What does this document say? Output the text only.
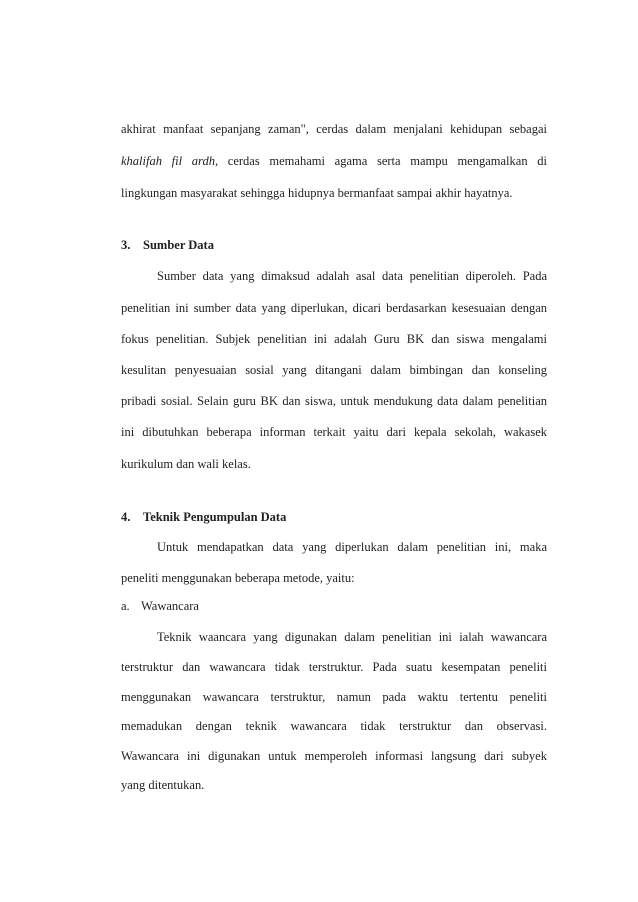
akhirat manfaat sepanjang zaman", cerdas dalam menjalani kehidupan sebagai
khalifah fil ardh, cerdas memahami agama serta mampu mengamalkan di
lingkungan masyarakat sehingga hidupnya bermanfaat sampai akhir hayatnya.
3. Sumber Data
Sumber data yang dimaksud adalah asal data penelitian diperoleh. Pada
penelitian ini sumber data yang diperlukan, dicari berdasarkan kesesuaian dengan
fokus penelitian. Subjek penelitian ini adalah Guru BK dan siswa mengalami
kesulitan penyesuaian sosial yang ditangani dalam bimbingan dan konseling
pribadi sosial. Selain guru BK dan siswa, untuk mendukung data dalam penelitian
ini dibutuhkan beberapa informan terkait yaitu dari kepala sekolah, wakasek
kurikulum dan wali kelas.
4. Teknik Pengumpulan Data
Untuk mendapatkan data yang diperlukan dalam penelitian ini, maka
peneliti menggunakan beberapa metode, yaitu:
a. Wawancara
Teknik waancara yang digunakan dalam penelitian ini ialah wawancara
terstruktur dan wawancara tidak terstruktur. Pada suatu kesempatan peneliti
menggunakan wawancara terstruktur, namun pada waktu tertentu peneliti
memadukan dengan teknik wawancara tidak terstruktur dan observasi.
Wawancara ini digunakan untuk memperoleh informasi langsung dari subyek
yang ditentukan.
